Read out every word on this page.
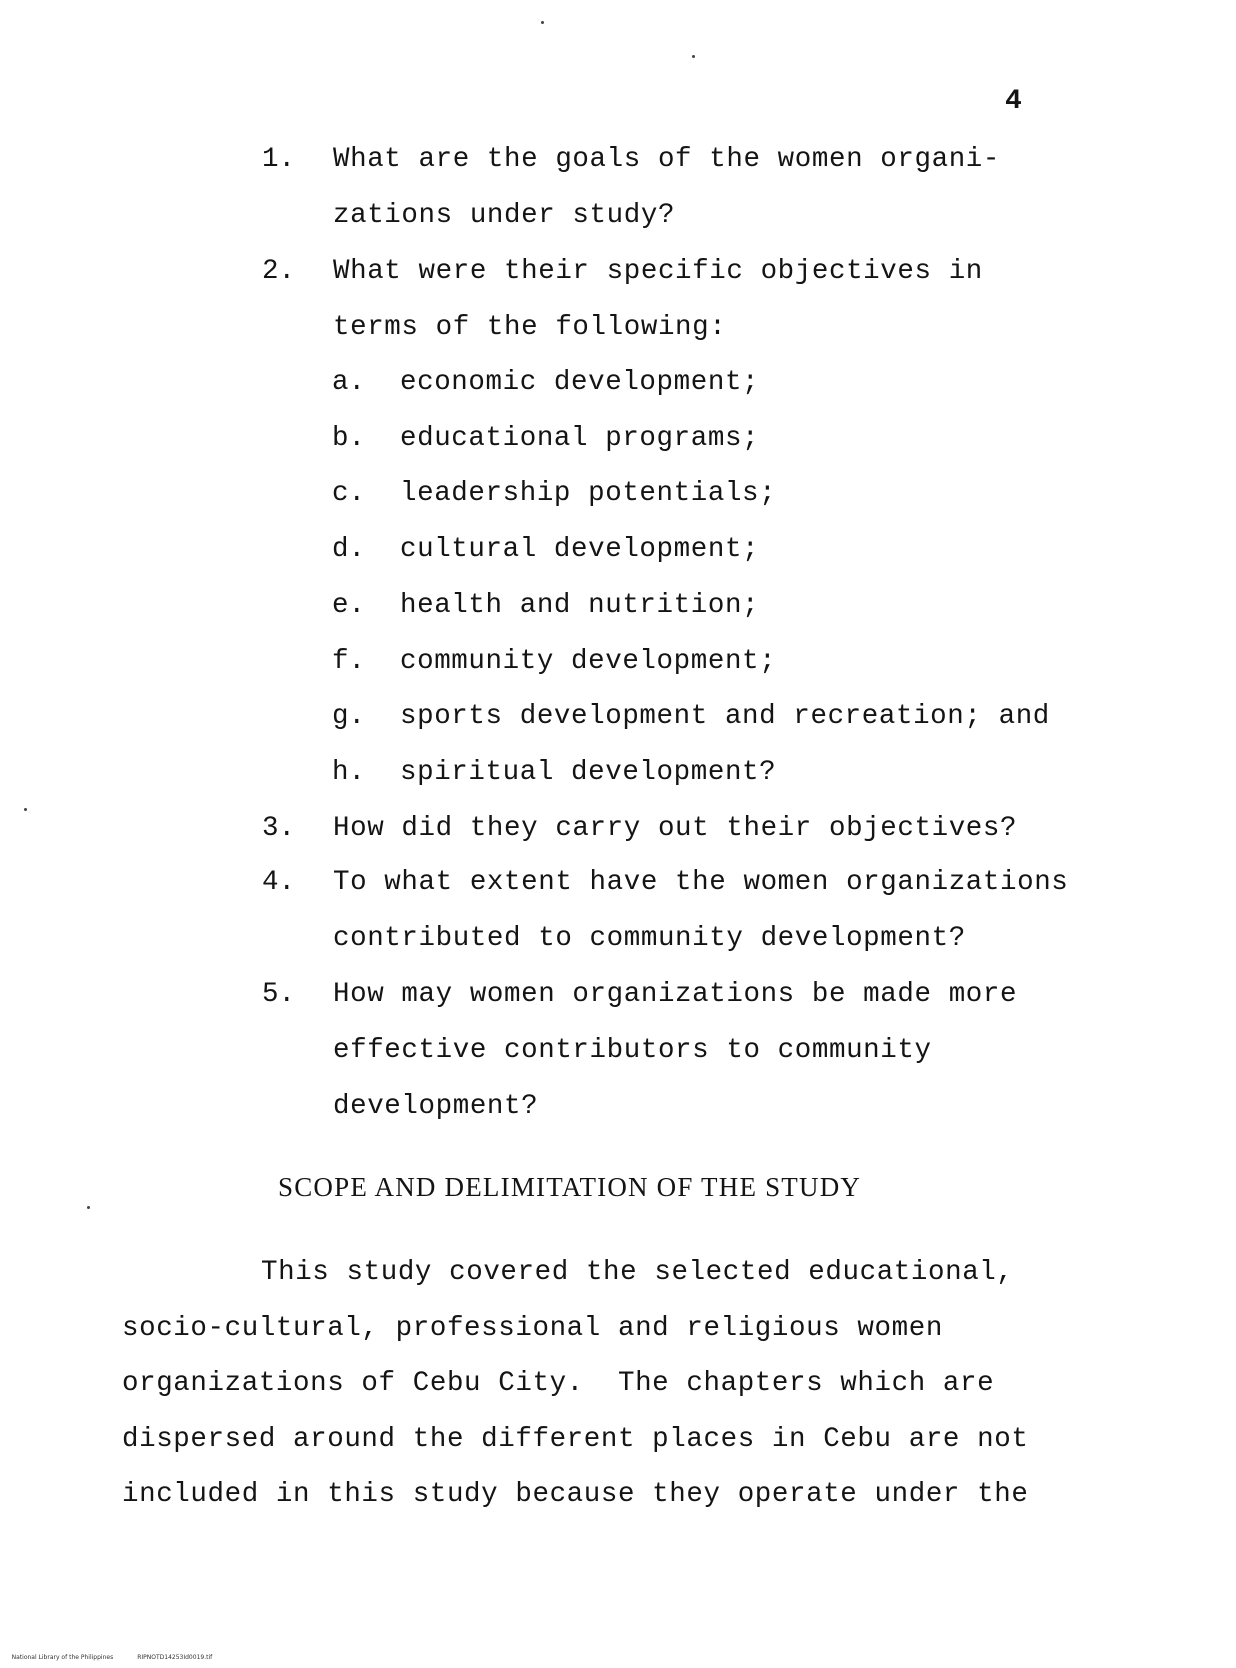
4
1. What are the goals of the women organi-
zations under study?
2. What were their specific objectives in
terms of the following:
a. economic development;
b. educational programs;
c. leadership potentials;
d. cultural development;
e. health and nutrition;
f. community development;
g. sports development and recreation; and
h. spiritual development?
3. How did they carry out their objectives?
4. To what extent have the women organizations
contributed to community development?
5. How may women organizations be made more
effective contributors to community
development?
SCOPE AND DELIMITATION OF THE STUDY
This study covered the selected educational,
socio-cultural, professional and religious women
organizations of Cebu City.  The chapters which are
dispersed around the different places in Cebu are not
included in this study because they operate under the

National Library of the Philippines	RIPNOTD14253Id0019.tif
